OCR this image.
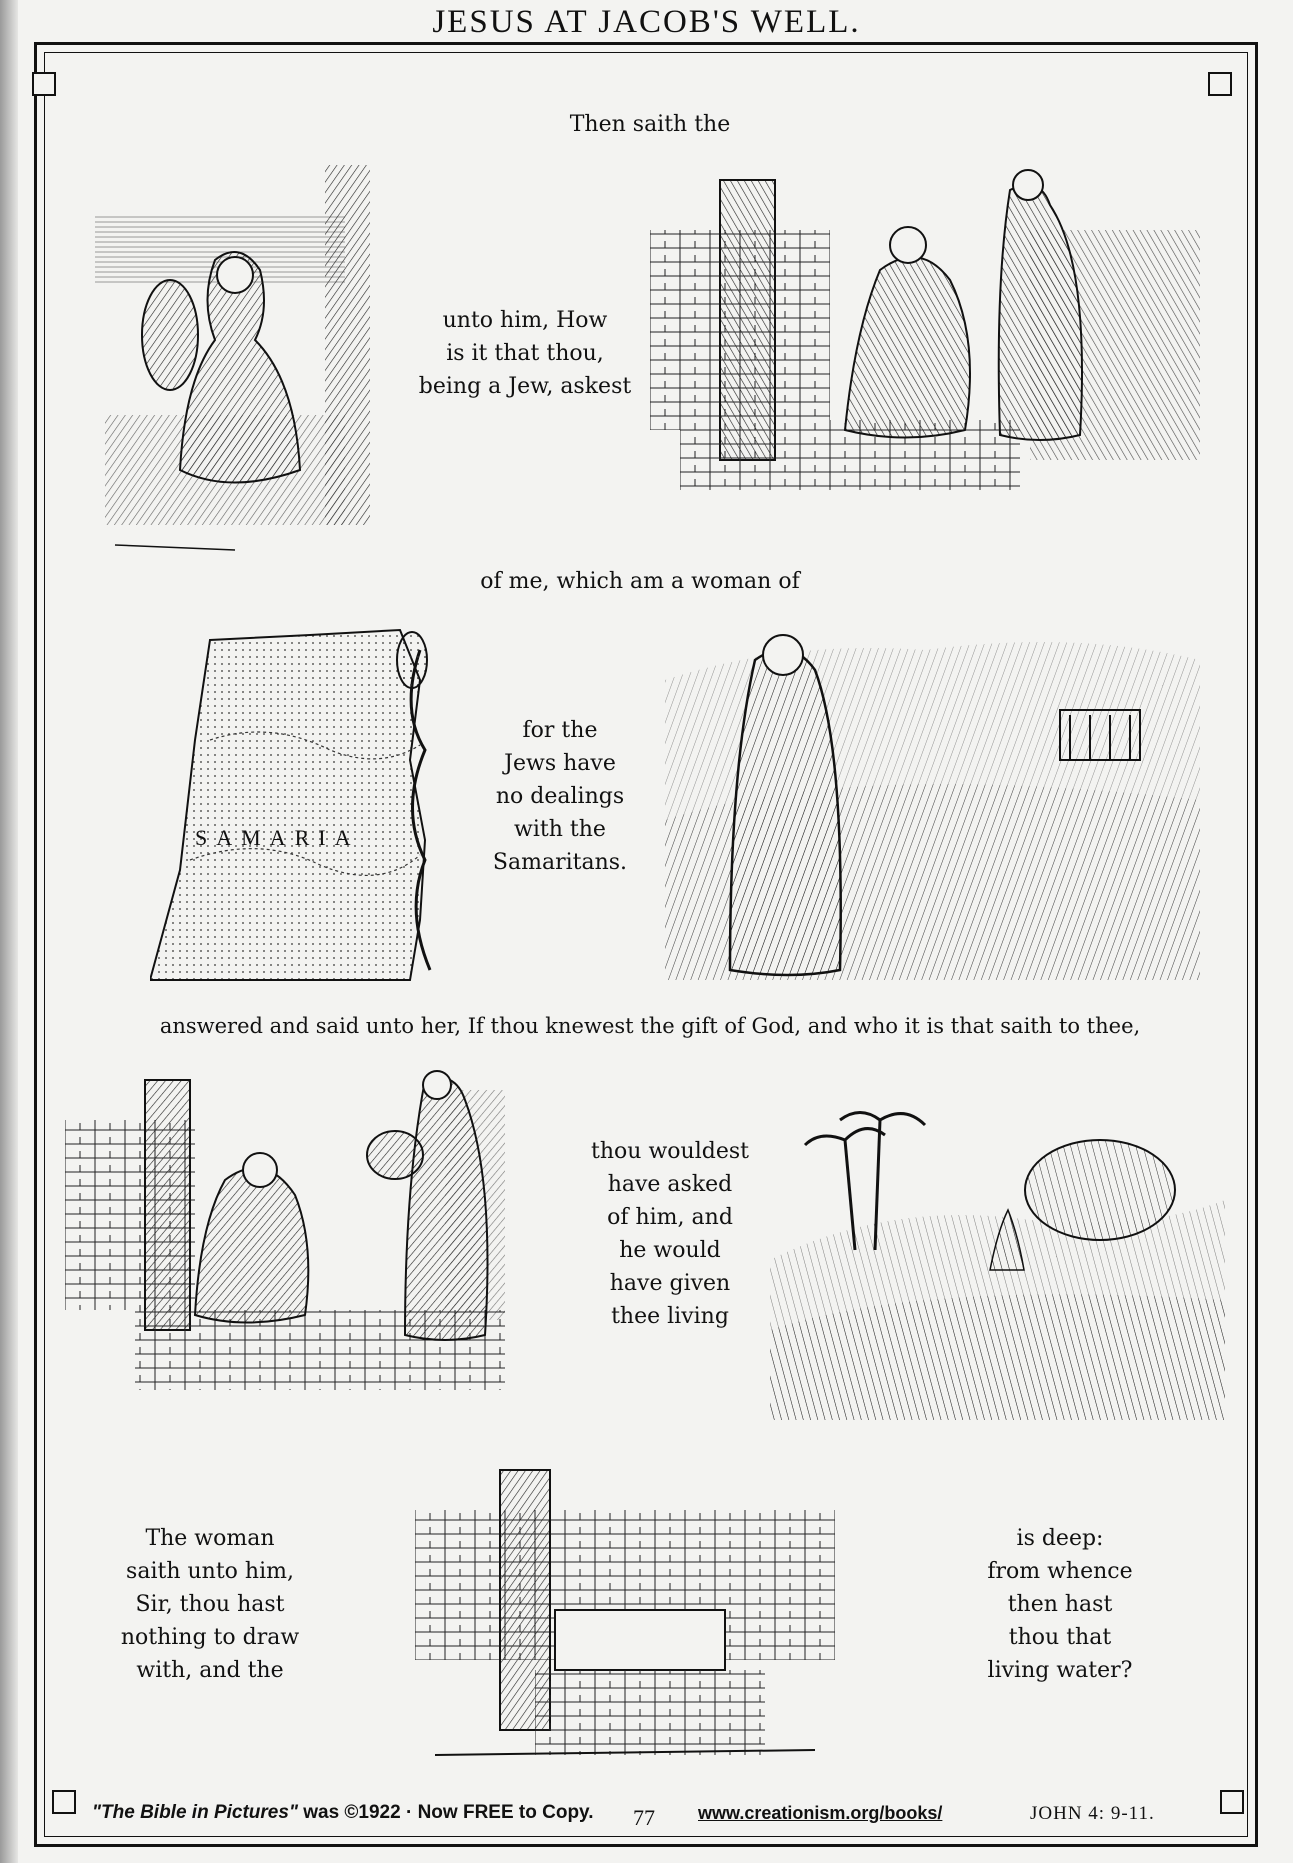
JESUS AT JACOB'S WELL.
Then saith the
unto him, How
is it that thou,
being a Jew, askest
of me, which am a woman of
for the
Jews have
no dealings
with the
Samaritans.
answered and said unto her, If thou knewest the gift of God, and who it is that saith to thee,
thou wouldest
have asked
of him, and
he would
have given
thee living
The woman
saith unto him,
Sir, thou hast
nothing to draw
with, and the
is deep:
from whence
then hast
thou that
living water?
SAMARIA
"The Bible in Pictures" was ©1922 · Now FREE to Copy. 77 www.creationism.org/books/	JOHN 4: 9-11.
